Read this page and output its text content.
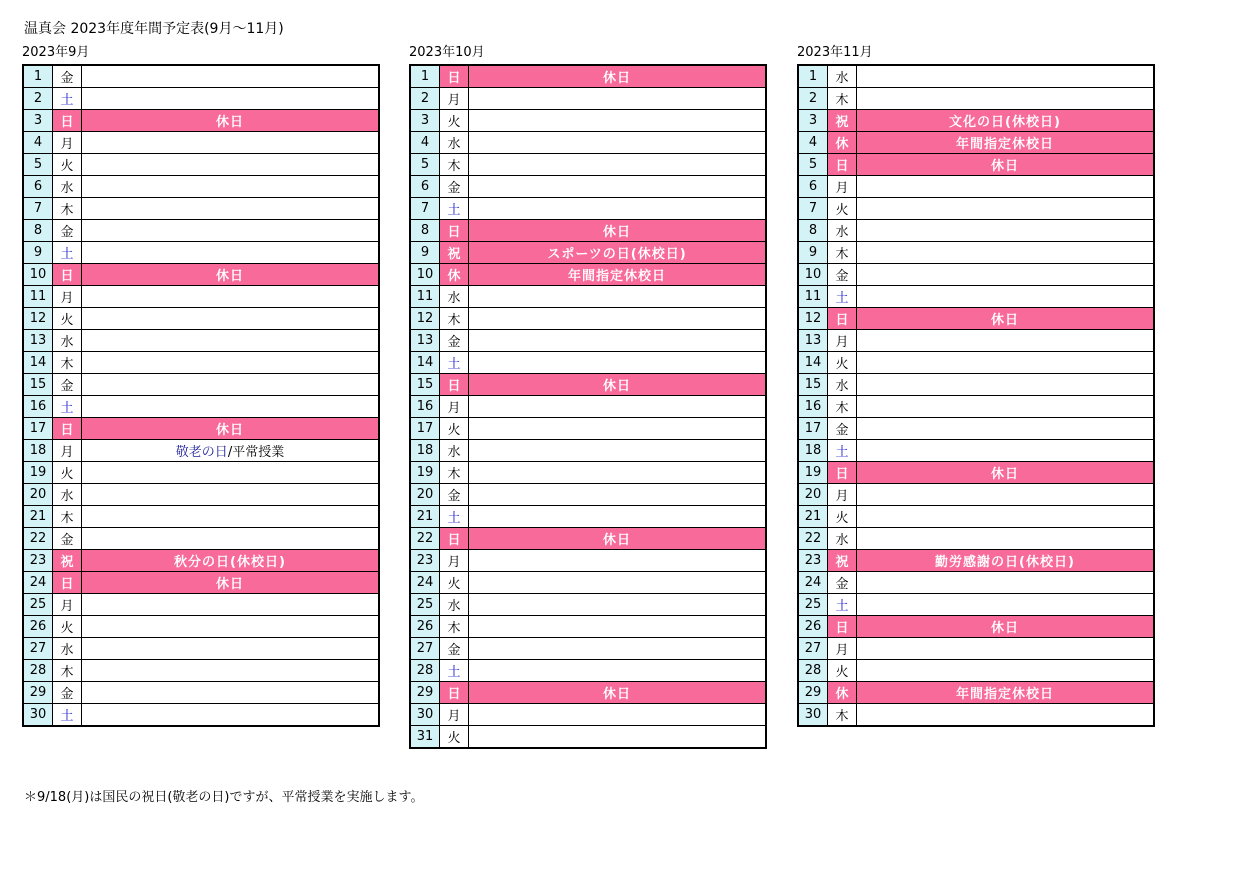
温真会 2023年度年間予定表(9月～11月)
2023年9月
1	金	
2	土	
3	日	休日
4	月	
5	火	
6	水	
7	木	
8	金	
9	土	
10	日	休日
11	月	
12	火	
13	水	
14	木	
15	金	
16	土	
17	日	休日
18	月	敬老の日/平常授業
19	火	
20	水	
21	木	
22	金	
23	祝	秋分の日(休校日)
24	日	休日
25	月	
26	火	
27	水	
28	木	
29	金	
30	土	
2023年10月
1	日	休日
2	月	
3	火	
4	水	
5	木	
6	金	
7	土	
8	日	休日
9	祝	スポーツの日(休校日)
10	休	年間指定休校日
11	水	
12	木	
13	金	
14	土	
15	日	休日
16	月	
17	火	
18	水	
19	木	
20	金	
21	土	
22	日	休日
23	月	
24	火	
25	水	
26	木	
27	金	
28	土	
29	日	休日
30	月	
31	火	
2023年11月
1	水	
2	木	
3	祝	文化の日(休校日)
4	休	年間指定休校日
5	日	休日
6	月	
7	火	
8	水	
9	木	
10	金	
11	土	
12	日	休日
13	月	
14	火	
15	水	
16	木	
17	金	
18	土	
19	日	休日
20	月	
21	火	
22	水	
23	祝	勤労感謝の日(休校日)
24	金	
25	土	
26	日	休日
27	月	
28	火	
29	休	年間指定休校日
30	木	
＊9/18(月)は国民の祝日(敬老の日)ですが、平常授業を実施します。
